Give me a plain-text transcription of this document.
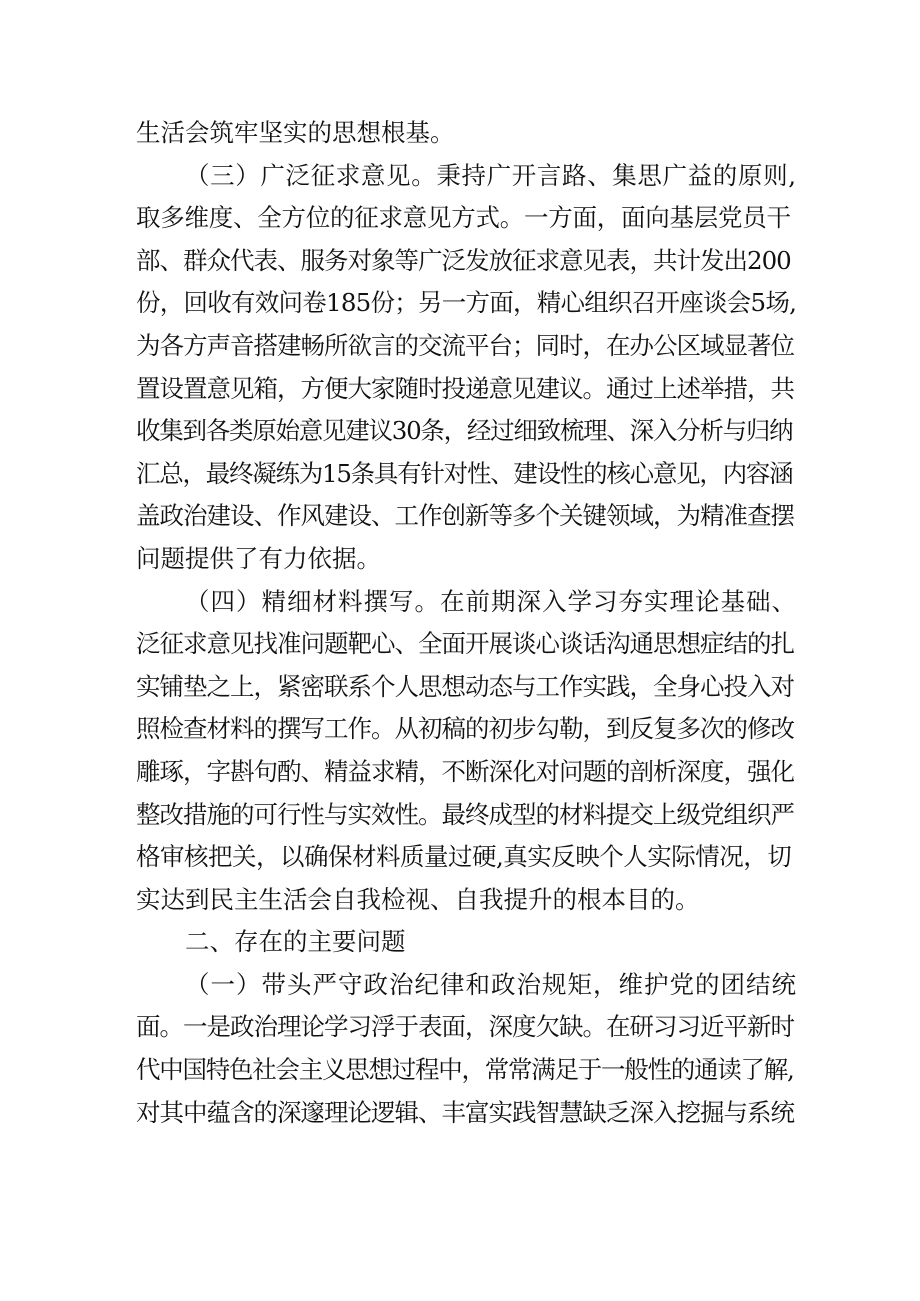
生活会筑牢坚实的思想根基。
（三）广泛征求意见。秉持广开言路、集思广益的原则,
取多维度、全方位的征求意见方式。一方面，面向基层党员干
部、群众代表、服务对象等广泛发放征求意见表，共计发出200
份，回收有效问卷185份；另一方面，精心组织召开座谈会5场,
为各方声音搭建畅所欲言的交流平台；同时，在办公区域显著位
置设置意见箱，方便大家随时投递意见建议。通过上述举措，共
收集到各类原始意见建议30条，经过细致梳理、深入分析与归纳
汇总，最终凝练为15条具有针对性、建设性的核心意见，内容涵
盖政治建设、作风建设、工作创新等多个关键领域，为精准查摆
问题提供了有力依据。
（四）精细材料撰写。在前期深入学习夯实理论基础、
泛征求意见找准问题靶心、全面开展谈心谈话沟通思想症结的扎
实铺垫之上，紧密联系个人思想动态与工作实践，全身心投入对
照检查材料的撰写工作。从初稿的初步勾勒，到反复多次的修改
雕琢，字斟句酌、精益求精，不断深化对问题的剖析深度，强化
整改措施的可行性与实效性。最终成型的材料提交上级党组织严
格审核把关，以确保材料质量过硬,真实反映个人实际情况，切
实达到民主生活会自我检视、自我提升的根本目的。
二、存在的主要问题
（一）带头严守政治纪律和政治规矩，维护党的团结统
面。一是政治理论学习浮于表面，深度欠缺。在研习习近平新时
代中国特色社会主义思想过程中，常常满足于一般性的通读了解,
对其中蕴含的深邃理论逻辑、丰富实践智慧缺乏深入挖掘与系统
